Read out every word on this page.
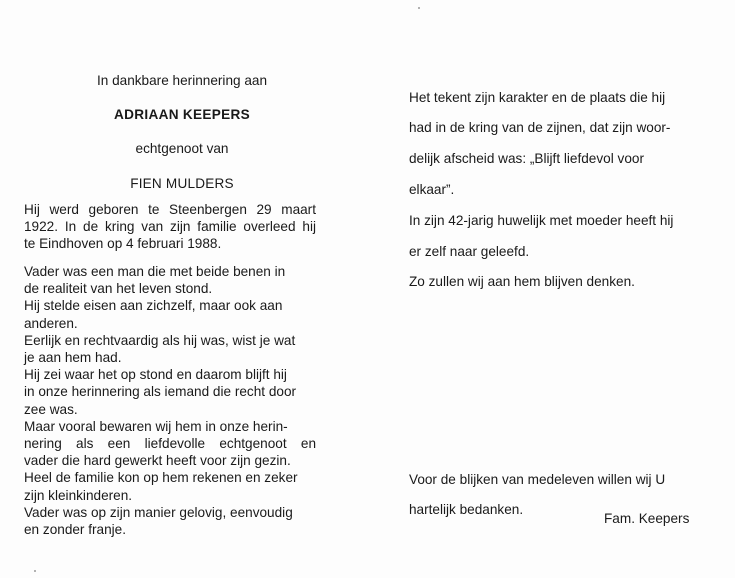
In dankbare herinnering aan

ADRIAAN KEEPERS

echtgenoot van

FIEN MULDERS

Hij werd geboren te Steenbergen 29 maart

1922. In de kring van zijn familie overleed hij

te Eindhoven op 4 februari 1988.

Vader was een man die met beide benen in

de realiteit van het leven stond.

Hij stelde eisen aan zichzelf, maar ook aan

anderen.

Eerlijk en rechtvaardig als hij was, wist je wat

je aan hem had.

Hij zei waar het op stond en daarom blijft hij

in onze herinnering als iemand die recht door

zee was.

Maar vooral bewaren wij hem in onze herin-

nering als een liefdevolle echtgenoot en

vader die hard gewerkt heeft voor zijn gezin.

Heel de familie kon op hem rekenen en zeker

zijn kleinkinderen.

Vader was op zijn manier gelovig, eenvoudig

en zonder franje.

Het tekent zijn karakter en de plaats die hij

had in de kring van de zijnen, dat zijn woor-

delijk afscheid was: „Blijft liefdevol voor

elkaar”.

In zijn 42-jarig huwelijk met moeder heeft hij

er zelf naar geleefd.

Zo zullen wij aan hem blijven denken.

Voor de blijken van medeleven willen wij U

hartelijk bedanken.

Fam. Keepers
